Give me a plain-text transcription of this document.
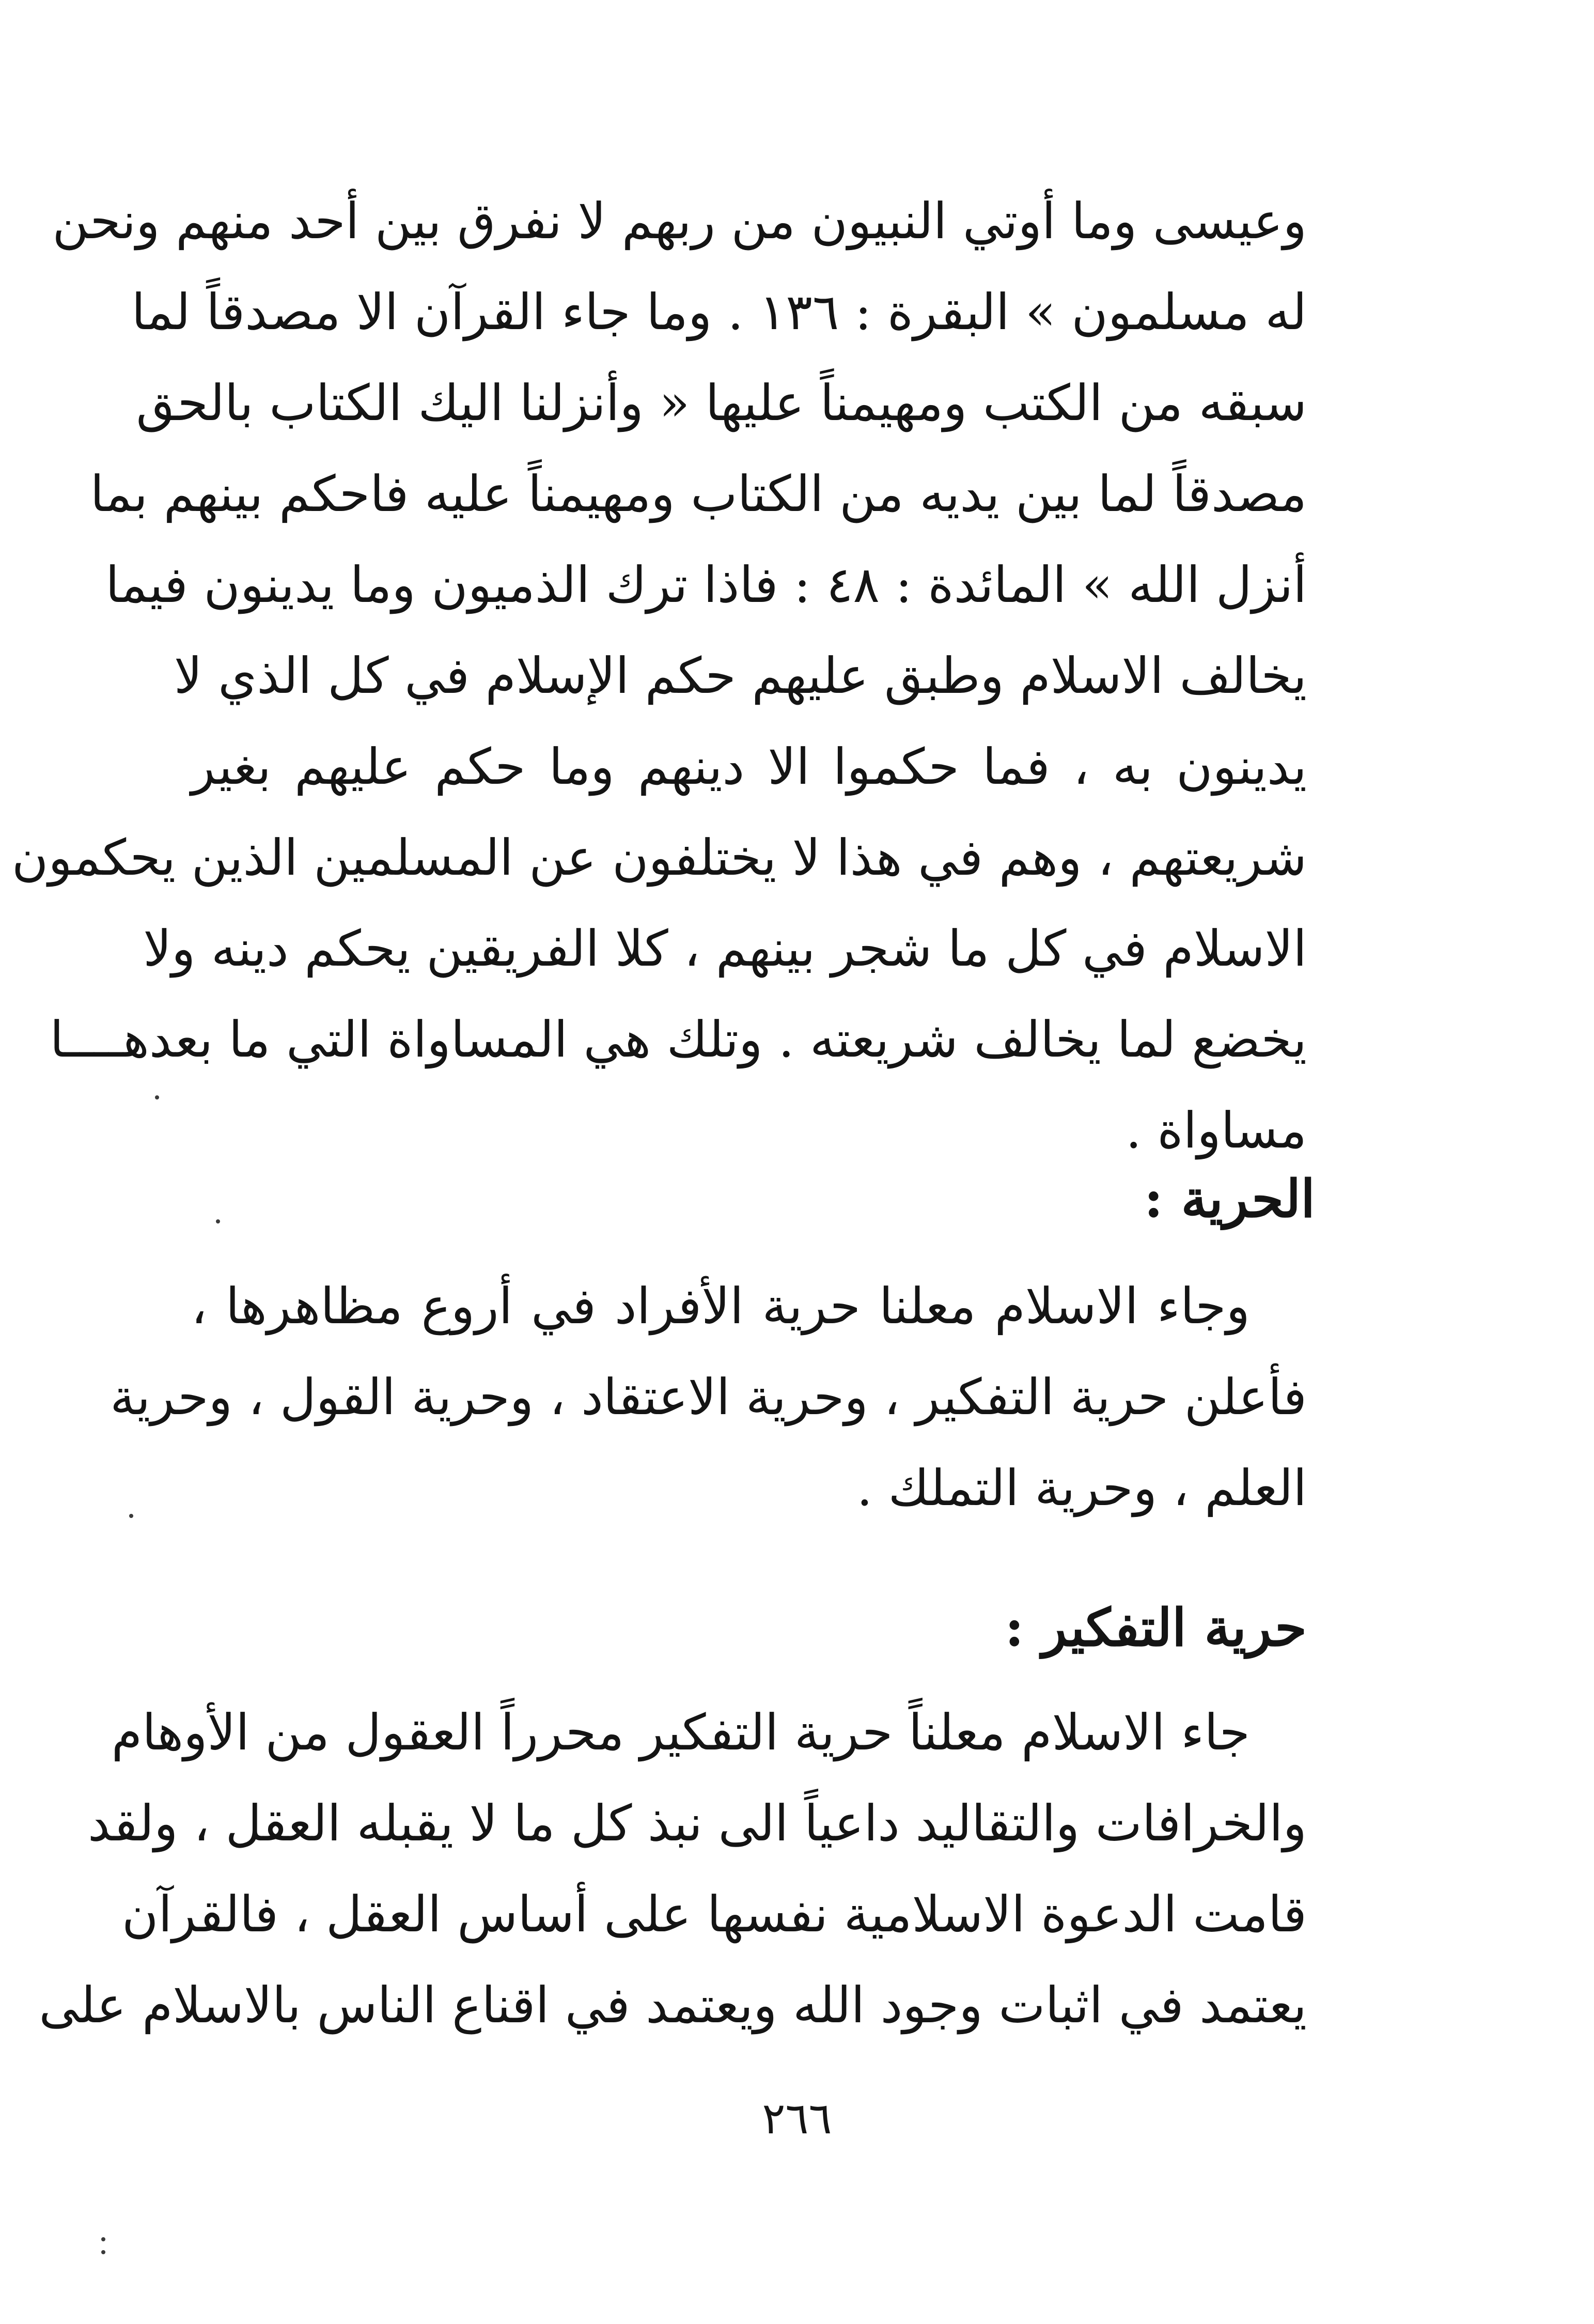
وعيسى وما أوتي النبيون من ربهم لا نفرق بين أحد منهم ونحن
له مسلمون » البقرة : ١٣٦ . وما جاء القرآن الا مصدقاً لما
سبقه من الكتب ومهيمناً عليها « وأنزلنا اليك الكتاب بالحق
مصدقاً لما بين يديه من الكتاب ومهيمناً عليه فاحكم بينهم بما
أنزل الله » المائدة : ٤٨ : فاذا ترك الذميون وما يدينون فيما
يخالف الاسلام وطبق عليهم حكم الإسلام في كل الذي لا
يدينون به ، فما حكموا الا دينهم وما حكم عليهم بغير
شريعتهم ، وهم في هذا لا يختلفون عن المسلمين الذين يحكمون
الاسلام في كل ما شجر بينهم ، كلا الفريقين يحكم دينه ولا
يخضع لما يخالف شريعته . وتلك هي المساواة التي ما بعدهــــا
مساواة .
الحرية :
وجاء الاسلام معلنا حرية الأفراد في أروع مظاهرها ،
فأعلن حرية التفكير ، وحرية الاعتقاد ، وحرية القول ، وحرية
العلم ، وحرية التملك .
حرية التفكير :
جاء الاسلام معلناً حرية التفكير محرراً العقول من الأوهام
والخرافات والتقاليد داعياً الى نبذ كل ما لا يقبله العقل ، ولقد
قامت الدعوة الاسلامية نفسها على أساس العقل ، فالقرآن
يعتمد في اثبات وجود الله ويعتمد في اقناع الناس بالاسلام على
٢٦٦
